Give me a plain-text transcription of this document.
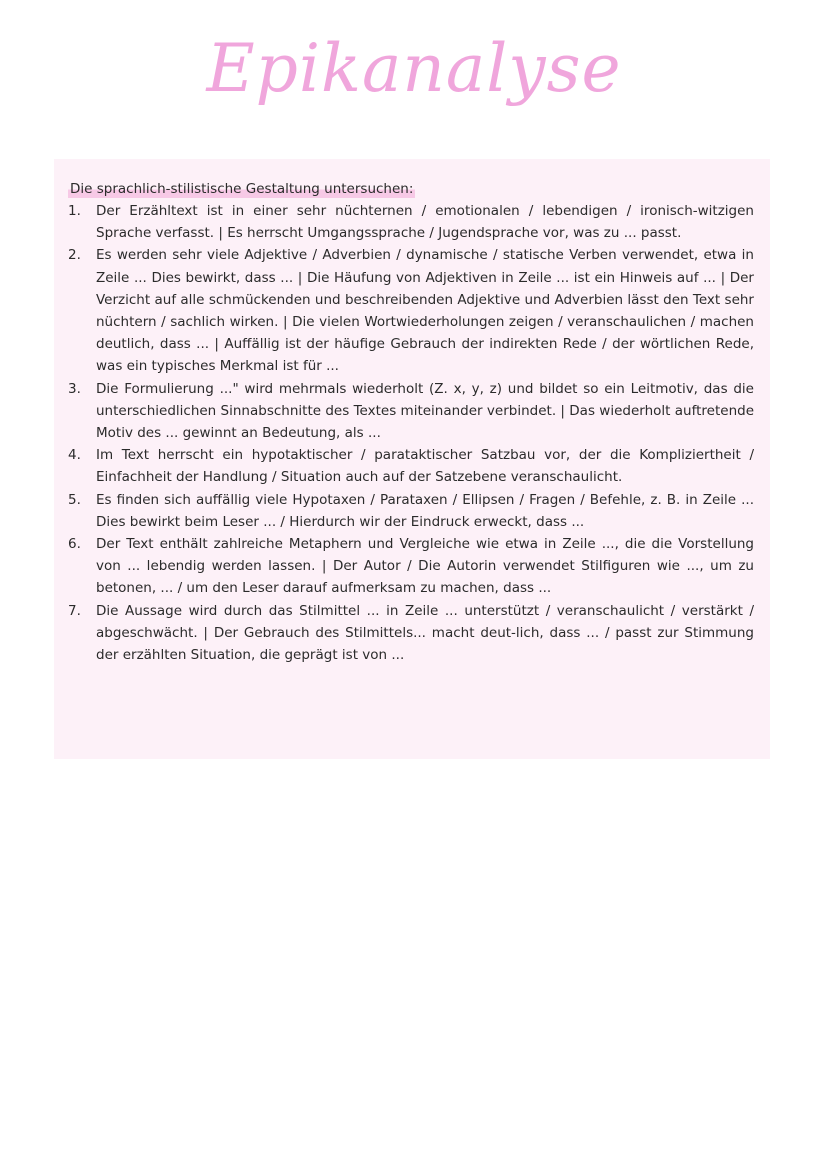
Epikanalyse
Die sprachlich-stilistische Gestaltung untersuchen:
1.	Der Erzähltext ist in einer sehr nüchternen / emotionalen / lebendigen / ironisch-witzigen Sprache verfasst. | Es herrscht Umgangssprache / Jugendsprache vor, was zu ... passt.
2.	Es werden sehr viele Adjektive / Adverbien / dynamische / statische Verben verwendet, etwa in Zeile ... Dies bewirkt, dass ... | Die Häufung von Adjektiven in Zeile ... ist ein Hinweis auf ... | Der Verzicht auf alle schmückenden und beschreibenden Adjektive und Adverbien lässt den Text sehr nüchtern / sachlich wirken. | Die vielen Wortwiederholungen zeigen / veranschaulichen / machen deutlich, dass ... | Auffällig ist der häufige Gebrauch der indirekten Rede / der wörtlichen Rede, was ein typisches Merkmal ist für ...
3.	Die Formulierung ..." wird mehrmals wiederholt (Z. x, y, z) und bildet so ein Leitmotiv, das die unterschiedlichen Sinnabschnitte des Textes miteinander verbindet. | Das wiederholt auftretende Motiv des ... gewinnt an Bedeutung, als ...
4.	Im Text herrscht ein hypotaktischer / parataktischer Satzbau vor, der die Kompliziertheit / Einfachheit der Handlung / Situation auch auf der Satzebene veranschaulicht.
5.	Es finden sich auffällig viele Hypotaxen / Parataxen / Ellipsen / Fragen / Befehle, z. B. in Zeile ... Dies bewirkt beim Leser ... / Hierdurch wir der Eindruck erweckt, dass ...
6.	Der Text enthält zahlreiche Metaphern und Vergleiche wie etwa in Zeile ..., die die Vorstellung von ... lebendig werden lassen. | Der Autor / Die Autorin verwendet Stilfiguren wie ..., um zu betonen, ... / um den Leser darauf aufmerksam zu machen, dass ...
7.	Die Aussage wird durch das Stilmittel ... in Zeile ... unterstützt / veranschaulicht / verstärkt / abgeschwächt. | Der Gebrauch des Stilmittels... macht deut-lich, dass ... / passt zur Stimmung der erzählten Situation, die geprägt ist von ...
